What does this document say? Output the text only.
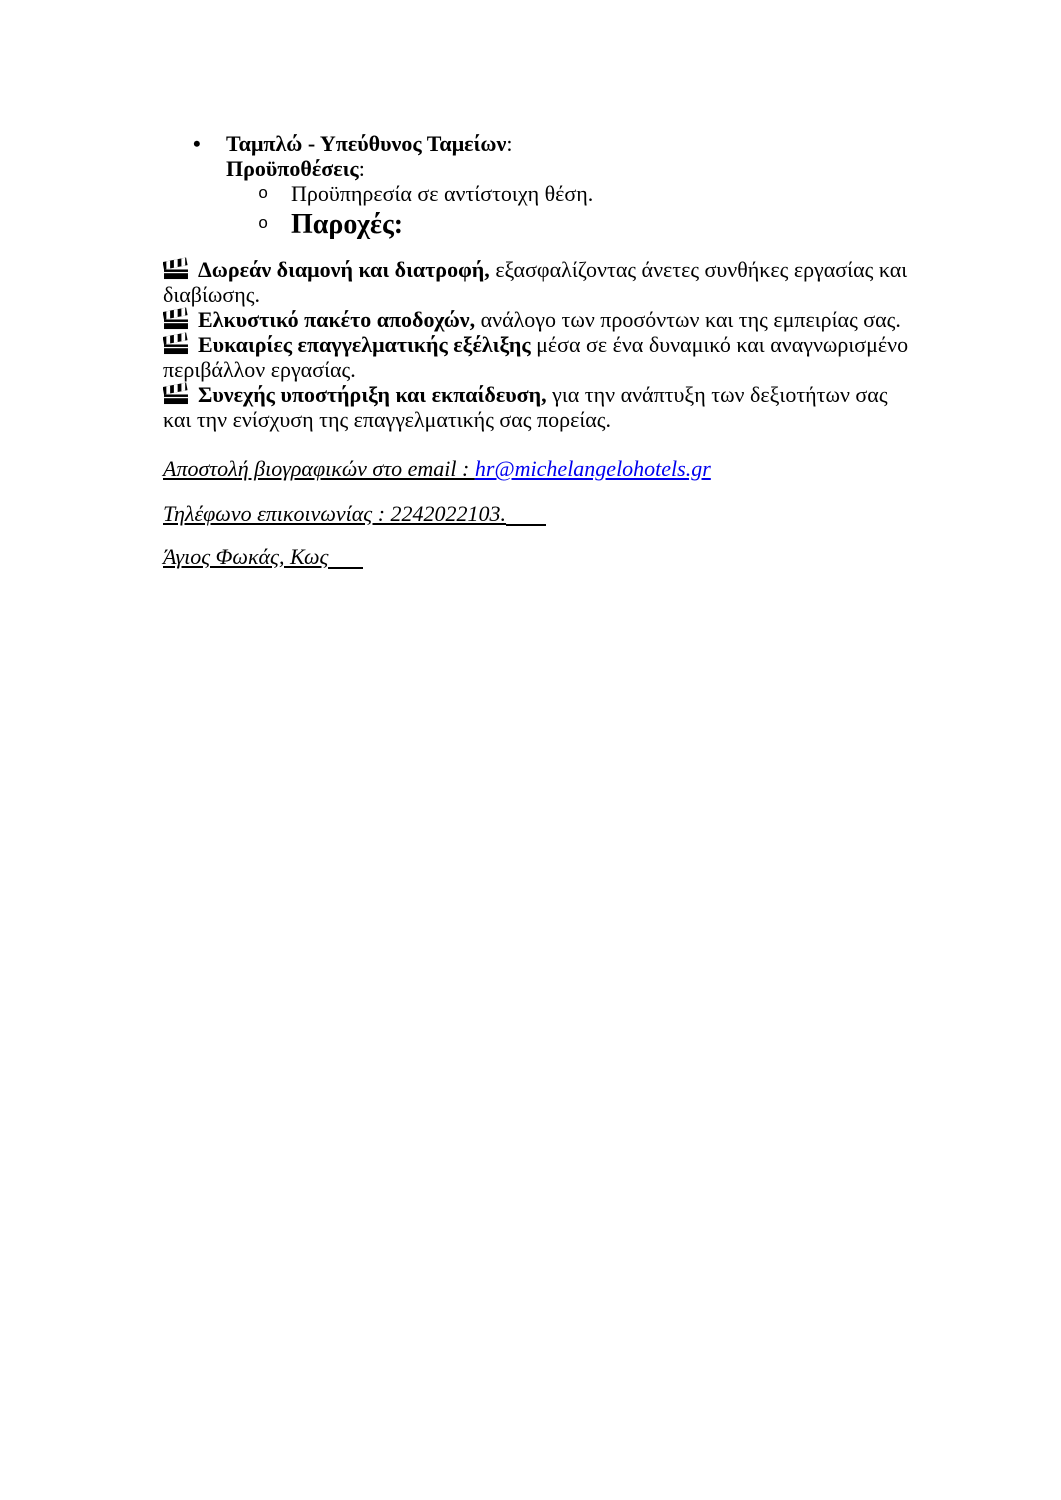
• Ταμπλώ - Υπεύθυνος Ταμείων:
Προϋποθέσεις:
o Προϋπηρεσία σε αντίστοιχη θέση.
o Παροχές:

Δωρεάν διαμονή και διατροφή, εξασφαλίζοντας άνετες συνθήκες εργασίας και διαβίωσης.

Ελκυστικό πακέτο αποδοχών, ανάλογο των προσόντων και της εμπειρίας σας.

Ευκαιρίες επαγγελματικής εξέλιξης μέσα σε ένα δυναμικό και αναγνωρισμένο περιβάλλον εργασίας.

Συνεχής υποστήριξη και εκπαίδευση, για την ανάπτυξη των δεξιοτήτων σας και την ενίσχυση της επαγγελματικής σας πορείας.

Αποστολή βιογραφικών στο email : hr@michelangelohotels.gr

Τηλέφωνο επικοινωνίας : 2242022103.

Άγιος Φωκάς, Κως
